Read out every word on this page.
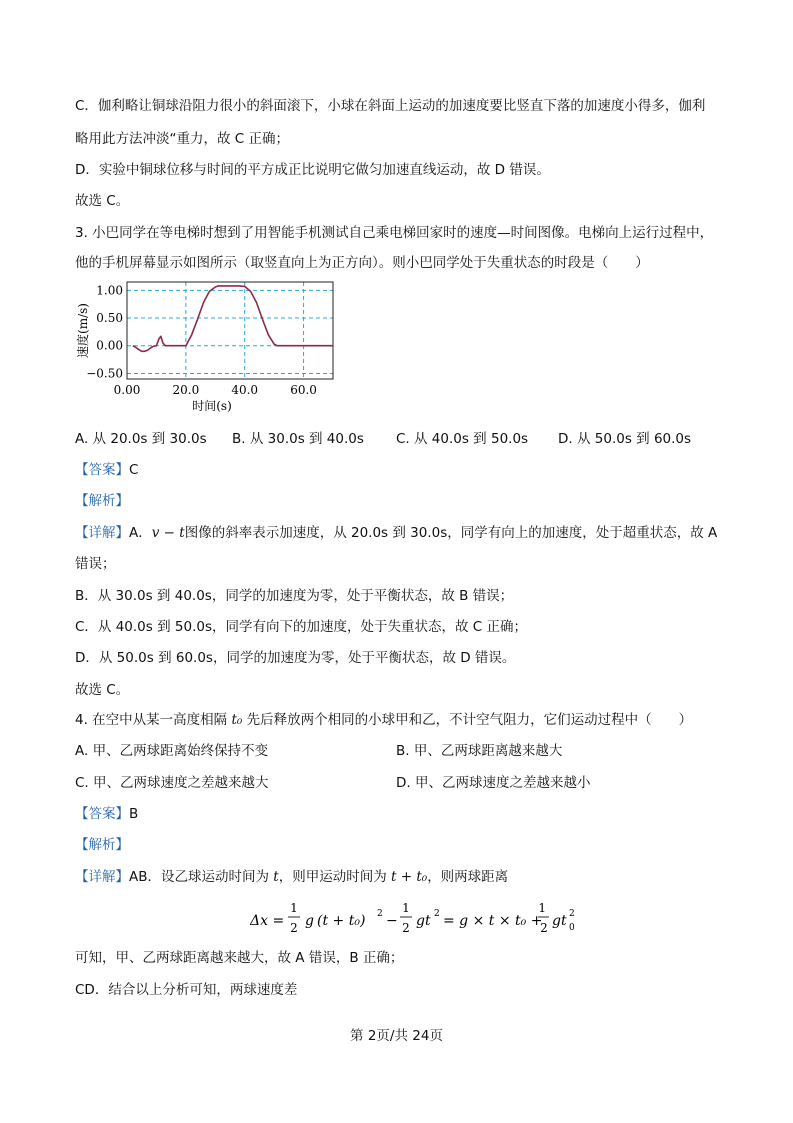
C．伽利略让铜球沿阻力很小的斜面滚下，小球在斜面上运动的加速度要比竖直下落的加速度小得多，伽利
略用此方法冲淡“重力，故 C 正确；
D．实验中铜球位移与时间的平方成正比说明它做匀加速直线运动，故 D 错误。
故选 C。
3. 小巴同学在等电梯时想到了用智能手机测试自己乘电梯回家时的速度—时间图像。电梯向上运行过程中，
他的手机屏幕显示如图所示（取竖直向上为正方向）。则小巴同学处于失重状态的时段是（　　）
−0.50
0.00
0.50
1.00
0.00	20.0	40.0	60.0
速度(m/s)
时间(s)
A. 从 20.0s 到 30.0s B. 从 30.0s 到 40.0s C. 从 40.0s 到 50.0s D. 从 50.0s 到 60.0s
【答案】C
【解析】
【详解】A．v − t图像的斜率表示加速度，从 20.0s 到 30.0s，同学有向上的加速度，处于超重状态，故 A
错误；
B．从 30.0s 到 40.0s，同学的加速度为零，处于平衡状态，故 B 错误；
C．从 40.0s 到 50.0s，同学有向下的加速度，处于失重状态，故 C 正确；
D．从 50.0s 到 60.0s，同学的加速度为零，处于平衡状态，故 D 错误。
故选 C。
4. 在空中从某一高度相隔 t₀ 先后释放两个相同的小球甲和乙，不计空气阻力，它们运动过程中（　　）
A. 甲、乙两球距离始终保持不变	B. 甲、乙两球距离越来越大
C. 甲、乙两球速度之差越来越大	D. 甲、乙两球速度之差越来越小
【答案】B
【解析】
【详解】AB．设乙球运动时间为 t，则甲运动时间为 t + t₀，则两球距离
Δx =
1
2 g (t + t₀) 2 −
1
2 gt 2 = g × t × t₀ +
1
2 gt 0
2
可知，甲、乙两球距离越来越大，故 A 错误，B 正确；
CD．结合以上分析可知，两球速度差
第 2页/共 24页
